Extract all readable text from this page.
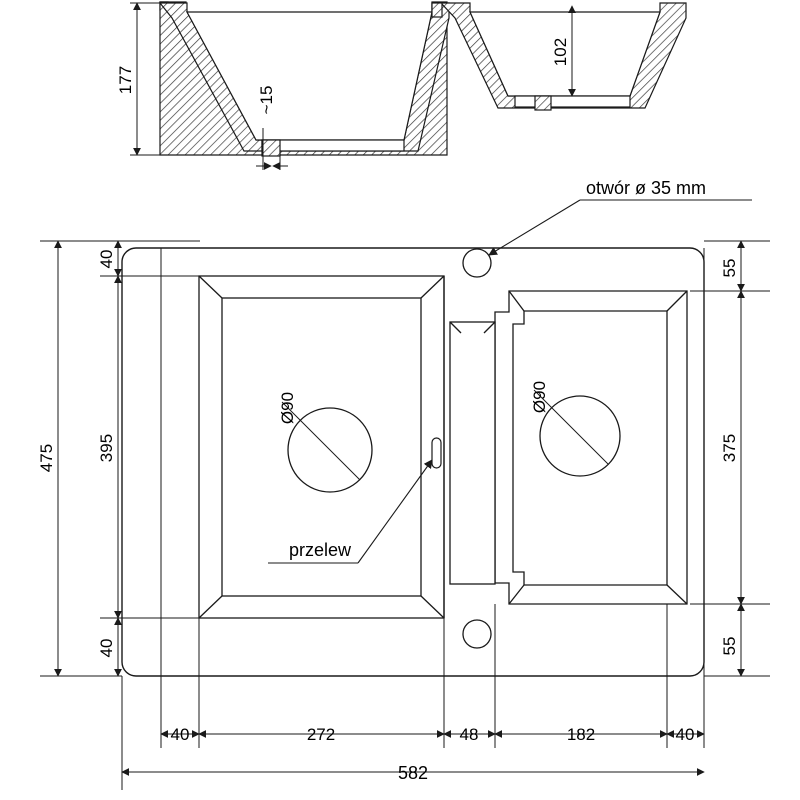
177
102
~15
otwór ø 35 mm
przelew
Ø90	Ø90
475 395
40
40
55
375
55
40	272	48	182	40
582
